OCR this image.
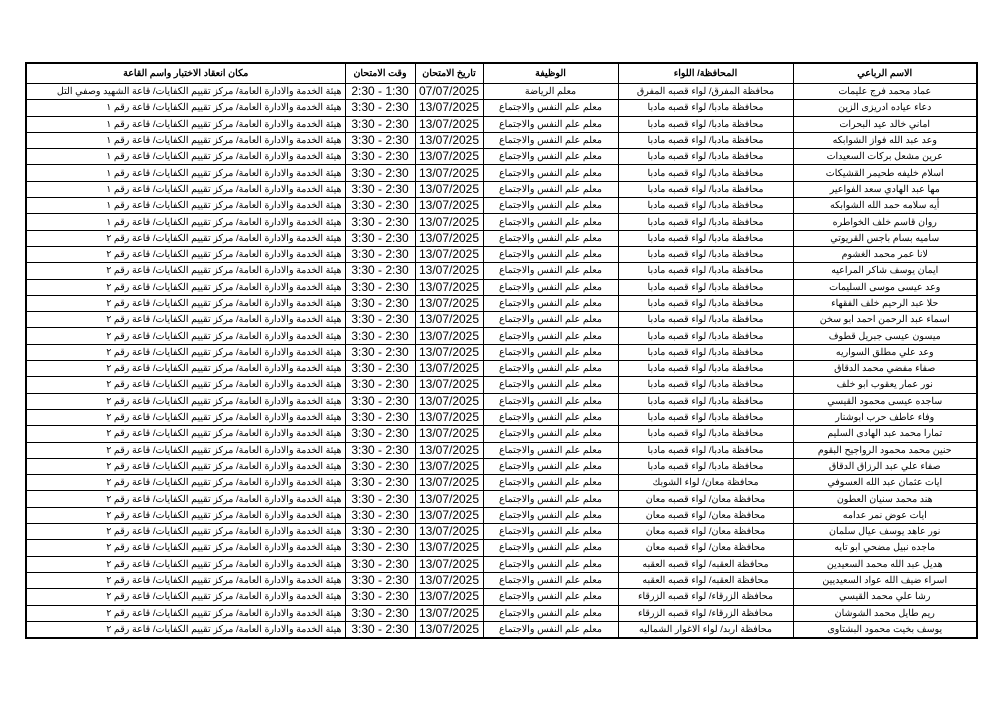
الاسم الرباعي	المحافظة/ اللواء	الوظيفة	تاريخ الامتحان	وقت الامتحان	مكان انعقاد الاختبار واسم القاعة
عماد محمد فرج عليمات	محافظة المفرق/ لواء قصبه المفرق	معلم الرياضة	07/07/2025	2:30 - 1:30	هيئة الخدمة والادارة العامة/ مركز تقييم الكفايات/ قاعة الشهيد وصفي التل
دعاء عياده ادريزى الزين	محافظة مادبا/ لواء قصبه مادبا	معلم علم النفس والاجتماع	13/07/2025	3:30 - 2:30	هيئة الخدمة والادارة العامة/ مركز تقييم الكفايات/ قاعة رقم ١
اماني خالد عيد البحرات	محافظة مادبا/ لواء قصبه مادبا	معلم علم النفس والاجتماع	13/07/2025	3:30 - 2:30	هيئة الخدمة والادارة العامة/ مركز تقييم الكفايات/ قاعة رقم ١
وعد عبد الله فواز الشوابكه	محافظة مادبا/ لواء قصبه مادبا	معلم علم النفس والاجتماع	13/07/2025	3:30 - 2:30	هيئة الخدمة والادارة العامة/ مركز تقييم الكفايات/ قاعة رقم ١
عرين مشعل بركات السعيدات	محافظة مادبا/ لواء قصبه مادبا	معلم علم النفس والاجتماع	13/07/2025	3:30 - 2:30	هيئة الخدمة والادارة العامة/ مركز تقييم الكفايات/ قاعة رقم ١
اسلام خليفه طحيمر القشيكات	محافظة مادبا/ لواء قصبه مادبا	معلم علم النفس والاجتماع	13/07/2025	3:30 - 2:30	هيئة الخدمة والادارة العامة/ مركز تقييم الكفايات/ قاعة رقم ١
مها عبد الهادي سعد الفواعير	محافظة مادبا/ لواء قصبه مادبا	معلم علم النفس والاجتماع	13/07/2025	3:30 - 2:30	هيئة الخدمة والادارة العامة/ مركز تقييم الكفايات/ قاعة رقم ١
أيه سلامه حمد الله الشوابكه	محافظة مادبا/ لواء قصبه مادبا	معلم علم النفس والاجتماع	13/07/2025	3:30 - 2:30	هيئة الخدمة والادارة العامة/ مركز تقييم الكفايات/ قاعة رقم ١
روان قاسم خلف الخواطره	محافظة مادبا/ لواء قصبه مادبا	معلم علم النفس والاجتماع	13/07/2025	3:30 - 2:30	هيئة الخدمة والادارة العامة/ مركز تقييم الكفايات/ قاعة رقم ١
ساميه بسام باجس القريوتي	محافظة مادبا/ لواء قصبه مادبا	معلم علم النفس والاجتماع	13/07/2025	3:30 - 2:30	هيئة الخدمة والادارة العامة/ مركز تقييم الكفايات/ قاعة رقم ٢
لانا عمر محمد الغشوم	محافظة مادبا/ لواء قصبه مادبا	معلم علم النفس والاجتماع	13/07/2025	3:30 - 2:30	هيئة الخدمة والادارة العامة/ مركز تقييم الكفايات/ قاعة رقم ٢
ايمان يوسف شاكر المراعيه	محافظة مادبا/ لواء قصبه مادبا	معلم علم النفس والاجتماع	13/07/2025	3:30 - 2:30	هيئة الخدمة والادارة العامة/ مركز تقييم الكفايات/ قاعة رقم ٢
وعد عيسى موسى السليمات	محافظة مادبا/ لواء قصبه مادبا	معلم علم النفس والاجتماع	13/07/2025	3:30 - 2:30	هيئة الخدمة والادارة العامة/ مركز تقييم الكفايات/ قاعة رقم ٢
حلا عبد الرحيم خلف الفقهاء	محافظة مادبا/ لواء قصبه مادبا	معلم علم النفس والاجتماع	13/07/2025	3:30 - 2:30	هيئة الخدمة والادارة العامة/ مركز تقييم الكفايات/ قاعة رقم ٢
اسماء عبد الرحمن احمد ابو سخن	محافظة مادبا/ لواء قصبه مادبا	معلم علم النفس والاجتماع	13/07/2025	3:30 - 2:30	هيئة الخدمة والادارة العامة/ مركز تقييم الكفايات/ قاعة رقم ٢
ميسون عيسى جبريل قطوف	محافظة مادبا/ لواء قصبه مادبا	معلم علم النفس والاجتماع	13/07/2025	3:30 - 2:30	هيئة الخدمة والادارة العامة/ مركز تقييم الكفايات/ قاعة رقم ٢
وعد علي مطلق السواريه	محافظة مادبا/ لواء قصبه مادبا	معلم علم النفس والاجتماع	13/07/2025	3:30 - 2:30	هيئة الخدمة والادارة العامة/ مركز تقييم الكفايات/ قاعة رقم ٢
صفاء مفضي محمد الدقاق	محافظة مادبا/ لواء قصبه مادبا	معلم علم النفس والاجتماع	13/07/2025	3:30 - 2:30	هيئة الخدمة والادارة العامة/ مركز تقييم الكفايات/ قاعة رقم ٢
نور عمار يعقوب ابو خلف	محافظة مادبا/ لواء قصبه مادبا	معلم علم النفس والاجتماع	13/07/2025	3:30 - 2:30	هيئة الخدمة والادارة العامة/ مركز تقييم الكفايات/ قاعة رقم ٢
ساجده عيسى محمود القيسي	محافظة مادبا/ لواء قصبه مادبا	معلم علم النفس والاجتماع	13/07/2025	3:30 - 2:30	هيئة الخدمة والادارة العامة/ مركز تقييم الكفايات/ قاعة رقم ٢
وفاء عاطف حرب ابوشنار	محافظة مادبا/ لواء قصبه مادبا	معلم علم النفس والاجتماع	13/07/2025	3:30 - 2:30	هيئة الخدمة والادارة العامة/ مركز تقييم الكفايات/ قاعة رقم ٢
تمارا محمد عبد الهادى السليم	محافظة مادبا/ لواء قصبه مادبا	معلم علم النفس والاجتماع	13/07/2025	3:30 - 2:30	هيئة الخدمة والادارة العامة/ مركز تقييم الكفايات/ قاعة رقم ٢
حنين محمد محمود الرواجيح البقوم	محافظة مادبا/ لواء قصبه مادبا	معلم علم النفس والاجتماع	13/07/2025	3:30 - 2:30	هيئة الخدمة والادارة العامة/ مركز تقييم الكفايات/ قاعة رقم ٢
صفاء علي عبد الرزاق الدقاق	محافظة مادبا/ لواء قصبه مادبا	معلم علم النفس والاجتماع	13/07/2025	3:30 - 2:30	هيئة الخدمة والادارة العامة/ مركز تقييم الكفايات/ قاعة رقم ٢
ايات عثمان عبد الله العسوفي	محافظة معان/ لواء الشوبك	معلم علم النفس والاجتماع	13/07/2025	3:30 - 2:30	هيئة الخدمة والادارة العامة/ مركز تقييم الكفايات/ قاعة رقم ٢
هند محمد سنيان العطون	محافظة معان/ لواء قصبه معان	معلم علم النفس والاجتماع	13/07/2025	3:30 - 2:30	هيئة الخدمة والادارة العامة/ مركز تقييم الكفايات/ قاعة رقم ٢
ايات عوض نمر عدامه	محافظة معان/ لواء قصبه معان	معلم علم النفس والاجتماع	13/07/2025	3:30 - 2:30	هيئة الخدمة والادارة العامة/ مركز تقييم الكفايات/ قاعة رقم ٢
نور عاهد يوسف عيال سلمان	محافظة معان/ لواء قصبه معان	معلم علم النفس والاجتماع	13/07/2025	3:30 - 2:30	هيئة الخدمة والادارة العامة/ مركز تقييم الكفايات/ قاعة رقم ٢
ماجده نبيل مضحي ابو تايه	محافظة معان/ لواء قصبه معان	معلم علم النفس والاجتماع	13/07/2025	3:30 - 2:30	هيئة الخدمة والادارة العامة/ مركز تقييم الكفايات/ قاعة رقم ٢
هديل عبد الله محمد السعيدين	محافظة العقبه/ لواء قصبه العقبه	معلم علم النفس والاجتماع	13/07/2025	3:30 - 2:30	هيئة الخدمة والادارة العامة/ مركز تقييم الكفايات/ قاعة رقم ٢
اسراء ضيف الله عواد السعيديين	محافظة العقبه/ لواء قصبه العقبه	معلم علم النفس والاجتماع	13/07/2025	3:30 - 2:30	هيئة الخدمة والادارة العامة/ مركز تقييم الكفايات/ قاعة رقم ٢
رشا علي محمد القيسي	محافظة الزرقاء/ لواء قصبه الزرقاء	معلم علم النفس والاجتماع	13/07/2025	3:30 - 2:30	هيئة الخدمة والادارة العامة/ مركز تقييم الكفايات/ قاعة رقم ٢
ريم طايل محمد الشوشان	محافظة الزرقاء/ لواء قصبه الزرقاء	معلم علم النفس والاجتماع	13/07/2025	3:30 - 2:30	هيئة الخدمة والادارة العامة/ مركز تقييم الكفايات/ قاعة رقم ٢
يوسف بخيت محمود البشتاوى	محافظة اربد/ لواء الاغوار الشماليه	معلم علم النفس والاجتماع	13/07/2025	3:30 - 2:30	هيئة الخدمة والادارة العامة/ مركز تقييم الكفايات/ قاعة رقم ٢
